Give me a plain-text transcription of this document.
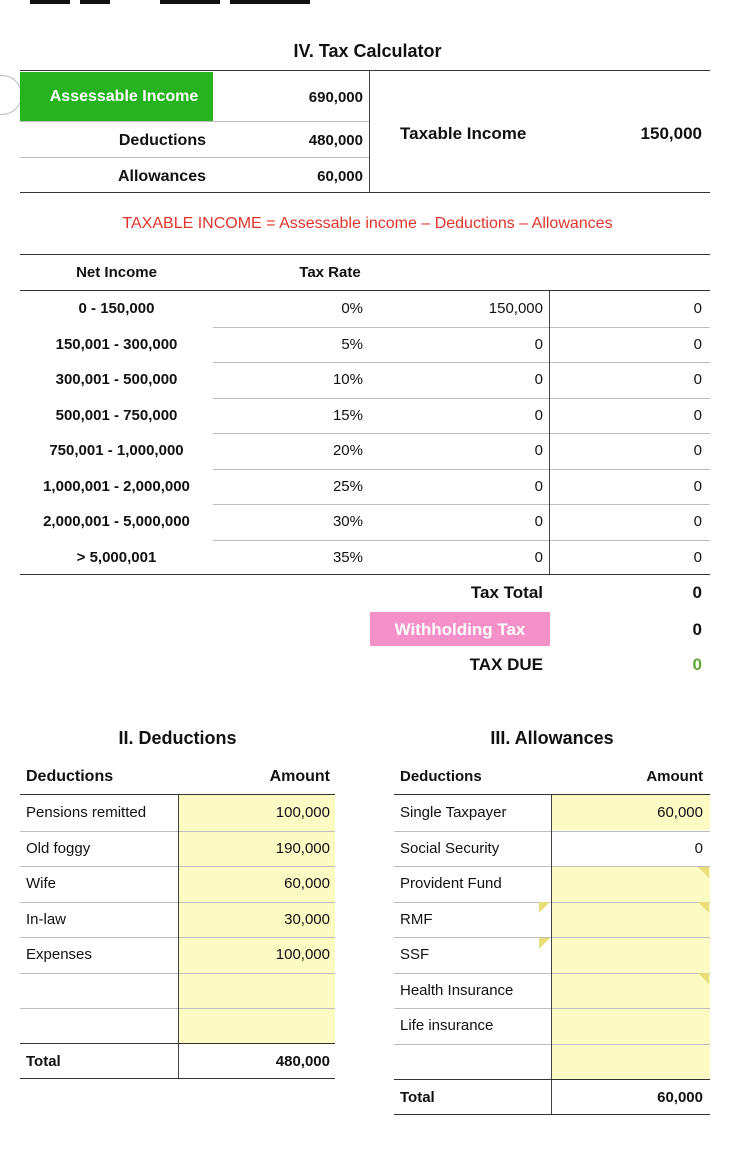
IV. Tax Calculator
Assessable Income	690,000
Deductions	480,000
Allowances	60,000
Taxable Income	150,000
TAXABLE INCOME = Assessable income – Deductions – Allowances
Net Income	Tax Rate
0 - 150,000	0%	150,000	0
150,001 - 300,000	5%	0	0
300,001 - 500,000	10%	0	0
500,001 - 750,000	15%	0	0
750,001 - 1,000,000	20%	0	0
1,000,001 - 2,000,000	25%	0	0
2,000,001 - 5,000,000	30%	0	0
> 5,000,001	35%	0	0
Tax Total	0
Withholding Tax	0
TAX DUE	0
II. Deductions
Deductions	Amount
Pensions remitted	100,000
Old foggy	190,000
Wife	60,000
In-law	30,000
Expenses	100,000
Total	480,000
III. Allowances
Deductions	Amount
Single Taxpayer	60,000
Social Security	0
Provident Fund
RMF
SSF
Health Insurance
Life insurance
Total	60,000
